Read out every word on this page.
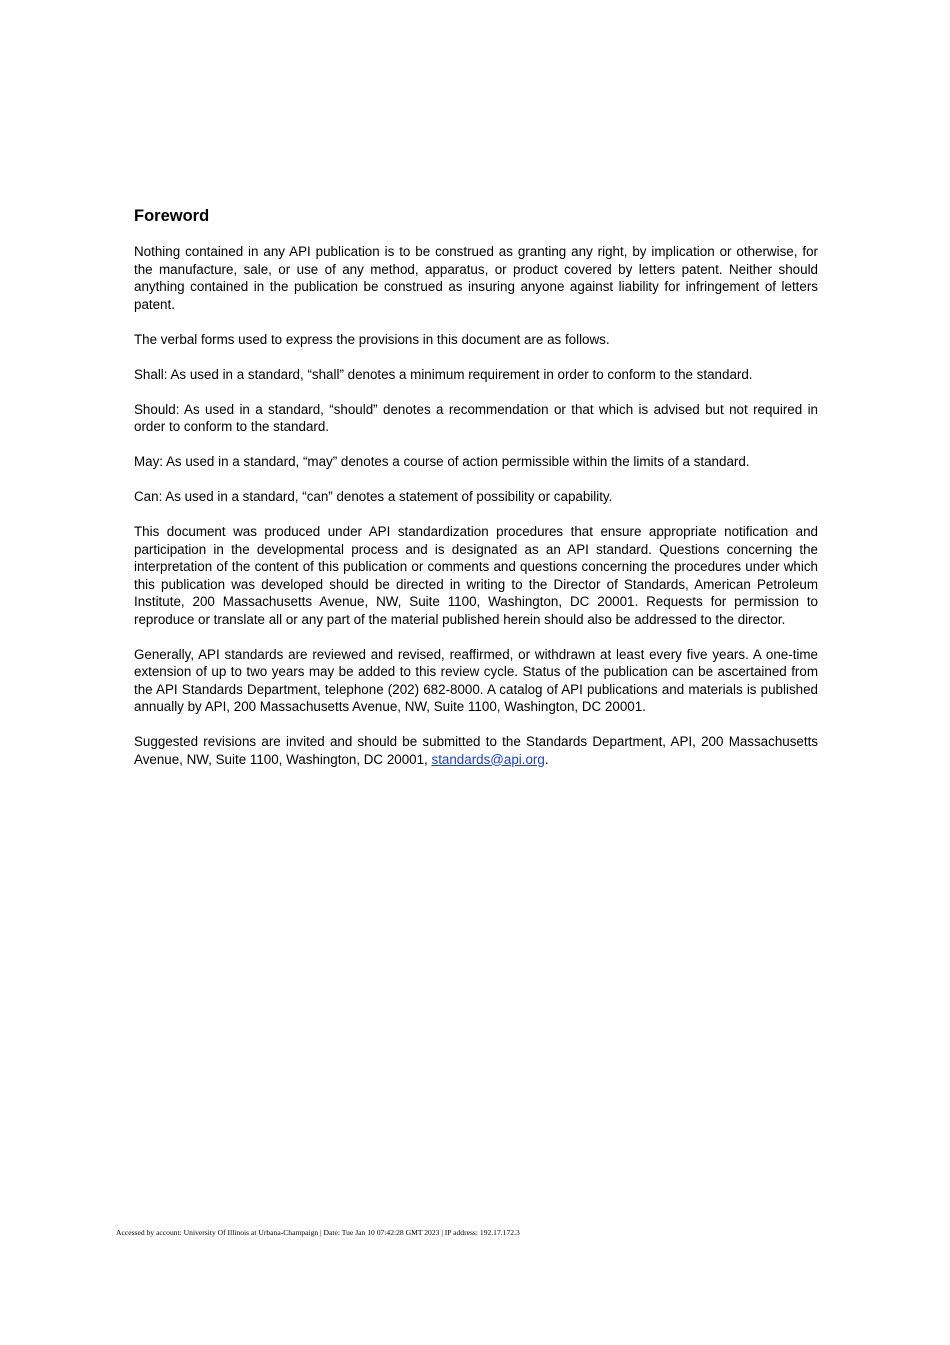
Foreword

Nothing contained in any API publication is to be construed as granting any right, by implication or otherwise, for the manufacture, sale, or use of any method, apparatus, or product covered by letters patent. Neither should anything contained in the publication be construed as insuring anyone against liability for infringement of letters patent.

The verbal forms used to express the provisions in this document are as follows.

Shall: As used in a standard, “shall” denotes a minimum requirement in order to conform to the standard.

Should: As used in a standard, “should” denotes a recommendation or that which is advised but not required in order to conform to the standard.

May: As used in a standard, “may” denotes a course of action permissible within the limits of a standard.

Can: As used in a standard, “can” denotes a statement of possibility or capability.

This document was produced under API standardization procedures that ensure appropriate notification and participation in the developmental process and is designated as an API standard. Questions concerning the interpretation of the content of this publication or comments and questions concerning the procedures under which this publication was developed should be directed in writing to the Director of Standards, American Petroleum Institute, 200 Massachusetts Avenue, NW, Suite 1100, Washington, DC 20001. Requests for permission to reproduce or translate all or any part of the material published herein should also be addressed to the director.

Generally, API standards are reviewed and revised, reaffirmed, or withdrawn at least every five years. A one-time extension of up to two years may be added to this review cycle. Status of the publication can be ascertained from the API Standards Department, telephone (202) 682-8000. A catalog of API publications and materials is published annually by API, 200 Massachusetts Avenue, NW, Suite 1100, Washington, DC 20001.

Suggested revisions are invited and should be submitted to the Standards Department, API, 200 Massachusetts Avenue, NW, Suite 1100, Washington, DC 20001, standards@api.org.

Accessed by account: University Of Illinois at Urbana-Champaign | Date: Tue Jan 10 07:42:28 GMT 2023 | IP address: 192.17.172.3
